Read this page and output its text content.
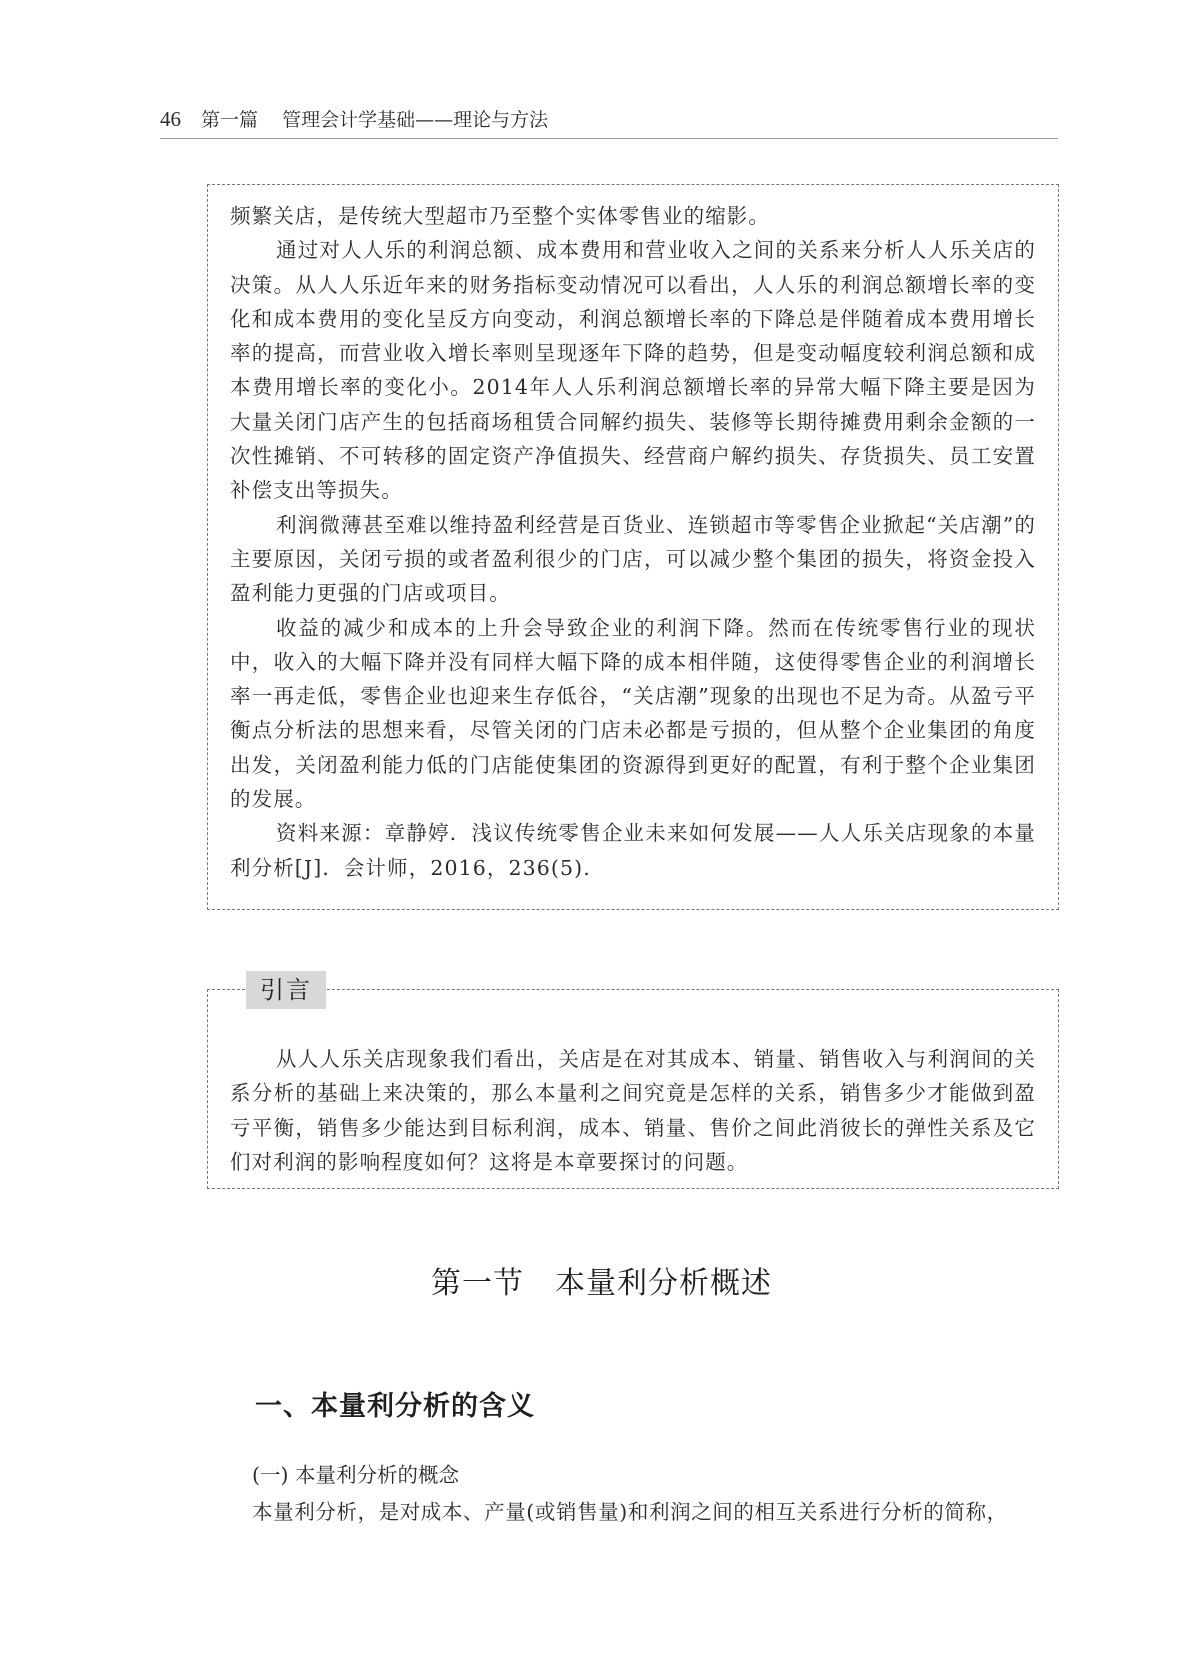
46 第一篇 管理会计学基础——理论与方法

频繁关店，是传统大型超市乃至整个实体零售业的缩影。

通过对人人乐的利润总额、成本费用和营业收入之间的关系来分析人人乐关店的决策。从人人乐近年来的财务指标变动情况可以看出，人人乐的利润总额增长率的变化和成本费用的变化呈反方向变动，利润总额增长率的下降总是伴随着成本费用增长率的提高，而营业收入增长率则呈现逐年下降的趋势，但是变动幅度较利润总额和成本费用增长率的变化小。2014年人人乐利润总额增长率的异常大幅下降主要是因为大量关闭门店产生的包括商场租赁合同解约损失、装修等长期待摊费用剩余金额的一次性摊销、不可转移的固定资产净值损失、经营商户解约损失、存货损失、员工安置补偿支出等损失。

利润微薄甚至难以维持盈利经营是百货业、连锁超市等零售企业掀起“关店潮”的主要原因，关闭亏损的或者盈利很少的门店，可以减少整个集团的损失，将资金投入盈利能力更强的门店或项目。

收益的减少和成本的上升会导致企业的利润下降。然而在传统零售行业的现状中，收入的大幅下降并没有同样大幅下降的成本相伴随，这使得零售企业的利润增长率一再走低，零售企业也迎来生存低谷，“关店潮”现象的出现也不足为奇。从盈亏平衡点分析法的思想来看，尽管关闭的门店未必都是亏损的，但从整个企业集团的角度出发，关闭盈利能力低的门店能使集团的资源得到更好的配置，有利于整个企业集团的发展。

资料来源：章静婷．浅议传统零售企业未来如何发展——人人乐关店现象的本量利分析[J]．会计师，2016，236(5).

引言

从人人乐关店现象我们看出，关店是在对其成本、销量、销售收入与利润间的关系分析的基础上来决策的，那么本量利之间究竟是怎样的关系，销售多少才能做到盈亏平衡，销售多少能达到目标利润，成本、销量、售价之间此消彼长的弹性关系及它们对利润的影响程度如何？这将是本章要探讨的问题。

第一节　本量利分析概述
一、本量利分析的含义
(一) 本量利分析的概念
本量利分析，是对成本、产量(或销售量)和利润之间的相互关系进行分析的简称，
